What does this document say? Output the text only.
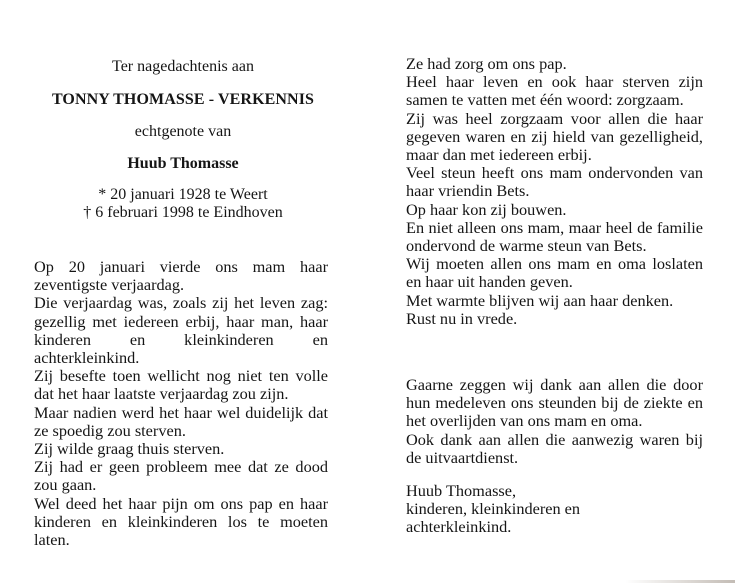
Ter nagedachtenis aan
TONNY THOMASSE - VERKENNIS
echtgenote van
Huub Thomasse
* 20 januari 1928 te Weert
† 6 februari 1998 te Eindhoven

Op 20 januari vierde ons mam haar zeventigste verjaardag.

Die verjaardag was, zoals zij het leven zag: gezellig met iedereen erbij, haar man, haar kinderen en kleinkinderen en achterkleinkind.

Zij besefte toen wellicht nog niet ten volle dat het haar laatste verjaardag zou zijn.

Maar nadien werd het haar wel duidelijk dat ze spoedig zou sterven.

Zij wilde graag thuis sterven.

Zij had er geen probleem mee dat ze dood zou gaan.

Wel deed het haar pijn om ons pap en haar kinderen en kleinkinderen los te moeten laten.

Ze had zorg om ons pap.

Heel haar leven en ook haar sterven zijn samen te vatten met één woord: zorgzaam.

Zij was heel zorgzaam voor allen die haar gegeven waren en zij hield van gezelligheid, maar dan met iedereen erbij.

Veel steun heeft ons mam ondervonden van haar vriendin Bets.

Op haar kon zij bouwen.

En niet alleen ons mam, maar heel de familie ondervond de warme steun van Bets.

Wij moeten allen ons mam en oma loslaten en haar uit handen geven.

Met warmte blijven wij aan haar denken.

Rust nu in vrede.

Gaarne zeggen wij dank aan allen die door hun medeleven ons steunden bij de ziekte en het overlijden van ons mam en oma.

Ook dank aan allen die aanwezig waren bij de uitvaartdienst.

Huub Thomasse,

kinderen, kleinkinderen en

achterkleinkind.
